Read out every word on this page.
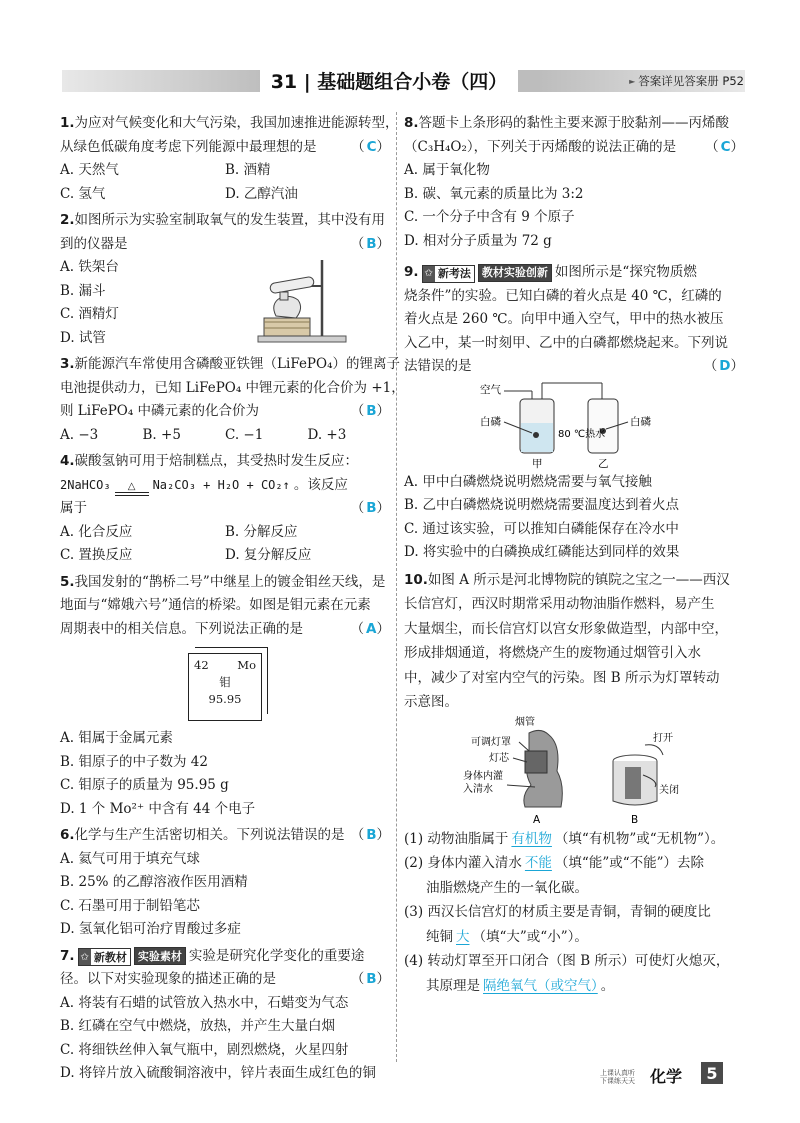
31 | 基础题组合小卷（四）	► 答案详见答案册 P52
1.为应对气候变化和大气污染，我国加速推进能源转型，
从绿色低碳角度考虑下列能源中最理想的是	（ C）
A. 天然气	B. 酒精
C. 氢气	D. 乙醇汽油
2.如图所示为实验室制取氧气的发生装置，其中没有用
到的仪器是	（ B）
A. 铁架台
B. 漏斗
C. 酒精灯
D. 试管
3.新能源汽车常使用含磷酸亚铁锂（LiFePO₄）的锂离子
电池提供动力，已知 LiFePO₄ 中锂元素的化合价为 +1，
则 LiFePO₄ 中磷元素的化合价为	（ B）
A. −3	B. +5	C. −1	D. +3
4.碳酸氢钠可用于焙制糕点，其受热时发生反应：
2NaHCO₃ △ Na₂CO₃ + H₂O + CO₂↑ 。该反应
属于	（ B）
A. 化合反应	B. 分解反应
C. 置换反应	D. 复分解反应
5.我国发射的“鹊桥二号”中继星上的镀金钼丝天线，是
地面与“嫦娥六号”通信的桥梁。如图是钼元素在元素
周期表中的相关信息。下列说法正确的是	（ A）
42 Mo
钼
95.95
A. 钼属于金属元素
B. 钼原子的中子数为 42
C. 钼原子的质量为 95.95 g
D. 1 个 Mo²⁺ 中含有 44 个电子
6.化学与生产生活密切相关。下列说法错误的是 （ B）
A. 氦气可用于填充气球
B. 25% 的乙醇溶液作医用酒精
C. 石墨可用于制铅笔芯
D. 氢氧化铝可治疗胃酸过多症
7. ✩ 新教材 实验素材 实验是研究化学变化的重要途
径。以下对实验现象的描述正确的是	（ B）
A. 将装有石蜡的试管放入热水中，石蜡变为气态
B. 红磷在空气中燃烧，放热，并产生大量白烟
C. 将细铁丝伸入氧气瓶中，剧烈燃烧，火星四射
D. 将锌片放入硫酸铜溶液中，锌片表面生成红色的铜
8.答题卡上条形码的黏性主要来源于胶黏剂——丙烯酸
（C₃H₄O₂），下列关于丙烯酸的说法正确的是 （ C）
A. 属于氧化物
B. 碳、氧元素的质量比为 3:2
C. 一个分子中含有 9 个原子
D. 相对分子质量为 72 g
9. ✩ 新考法 教材实验创新 如图所示是“探究物质燃
烧条件”的实验。已知白磷的着火点是 40 ℃，红磷的
着火点是 260 ℃。向甲中通入空气，甲中的热水被压
入乙中，某一时刻甲、乙中的白磷都燃烧起来。下列说
法错误的是	（ D）
空气
白磷
80 ℃热水
白磷
甲	乙
A. 甲中白磷燃烧说明燃烧需要与氧气接触
B. 乙中白磷燃烧说明燃烧需要温度达到着火点
C. 通过该实验，可以推知白磷能保存在冷水中
D. 将实验中的白磷换成红磷能达到同样的效果
10.如图 A 所示是河北博物院的镇院之宝之一——西汉
长信宫灯，西汉时期常采用动物油脂作燃料，易产生
大量烟尘，而长信宫灯以宫女形象做造型，内部中空，
形成排烟通道，将燃烧产生的废物通过烟管引入水
中，减少了对室内空气的污染。图 B 所示为灯罩转动
示意图。
烟管
可调灯罩
灯芯
身体内灌
入清水
A
打开
关闭
B
(1) 动物油脂属于 有机物 （填“有机物”或“无机物”）。
(2) 身体内灌入清水 不能 （填“能”或“不能”）去除
油脂燃烧产生的一氧化碳。
(3) 西汉长信宫灯的材质主要是青铜，青铜的硬度比
纯铜 大 （填“大”或“小”）。
(4) 转动灯罩至开口闭合（图 B 所示）可使灯火熄灭，
其原理是 隔绝氧气（或空气） 。
上课认真听
下课练天天 化学	5
